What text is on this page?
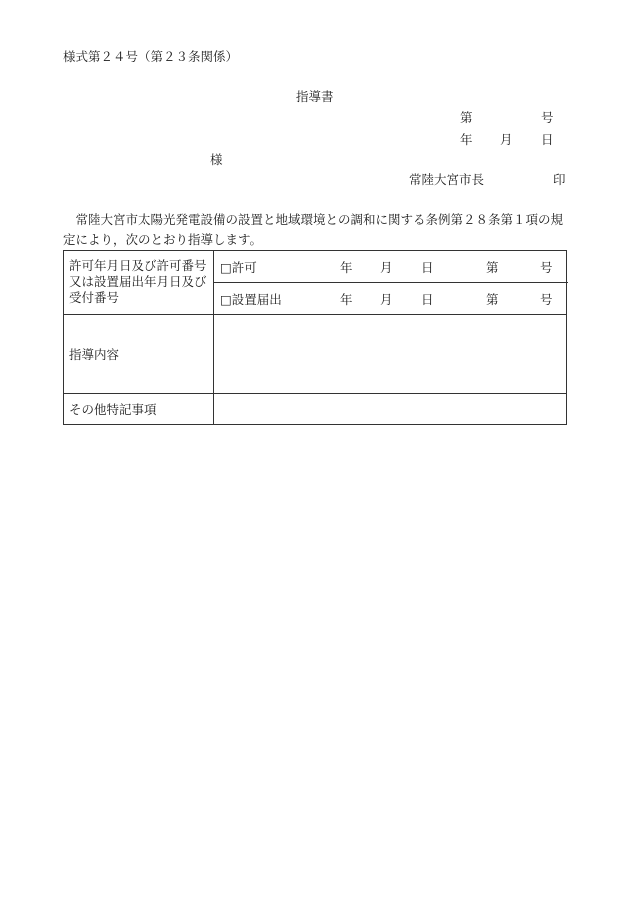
様式第２４号（第２３条関係）
指導書
第	号
年 月 日
様
常陸大宮市長	印
　常陸大宮市太陽光発電設備の設置と地域環境との調和に関する条例第２８条第１項の規定により，次のとおり指導します。
許可年月日及び許可番号又は設置届出年月日及び受付番号
□許可	年 月 日	第	号
□設置届出	年 月 日	第	号
指導内容
その他特記事項
